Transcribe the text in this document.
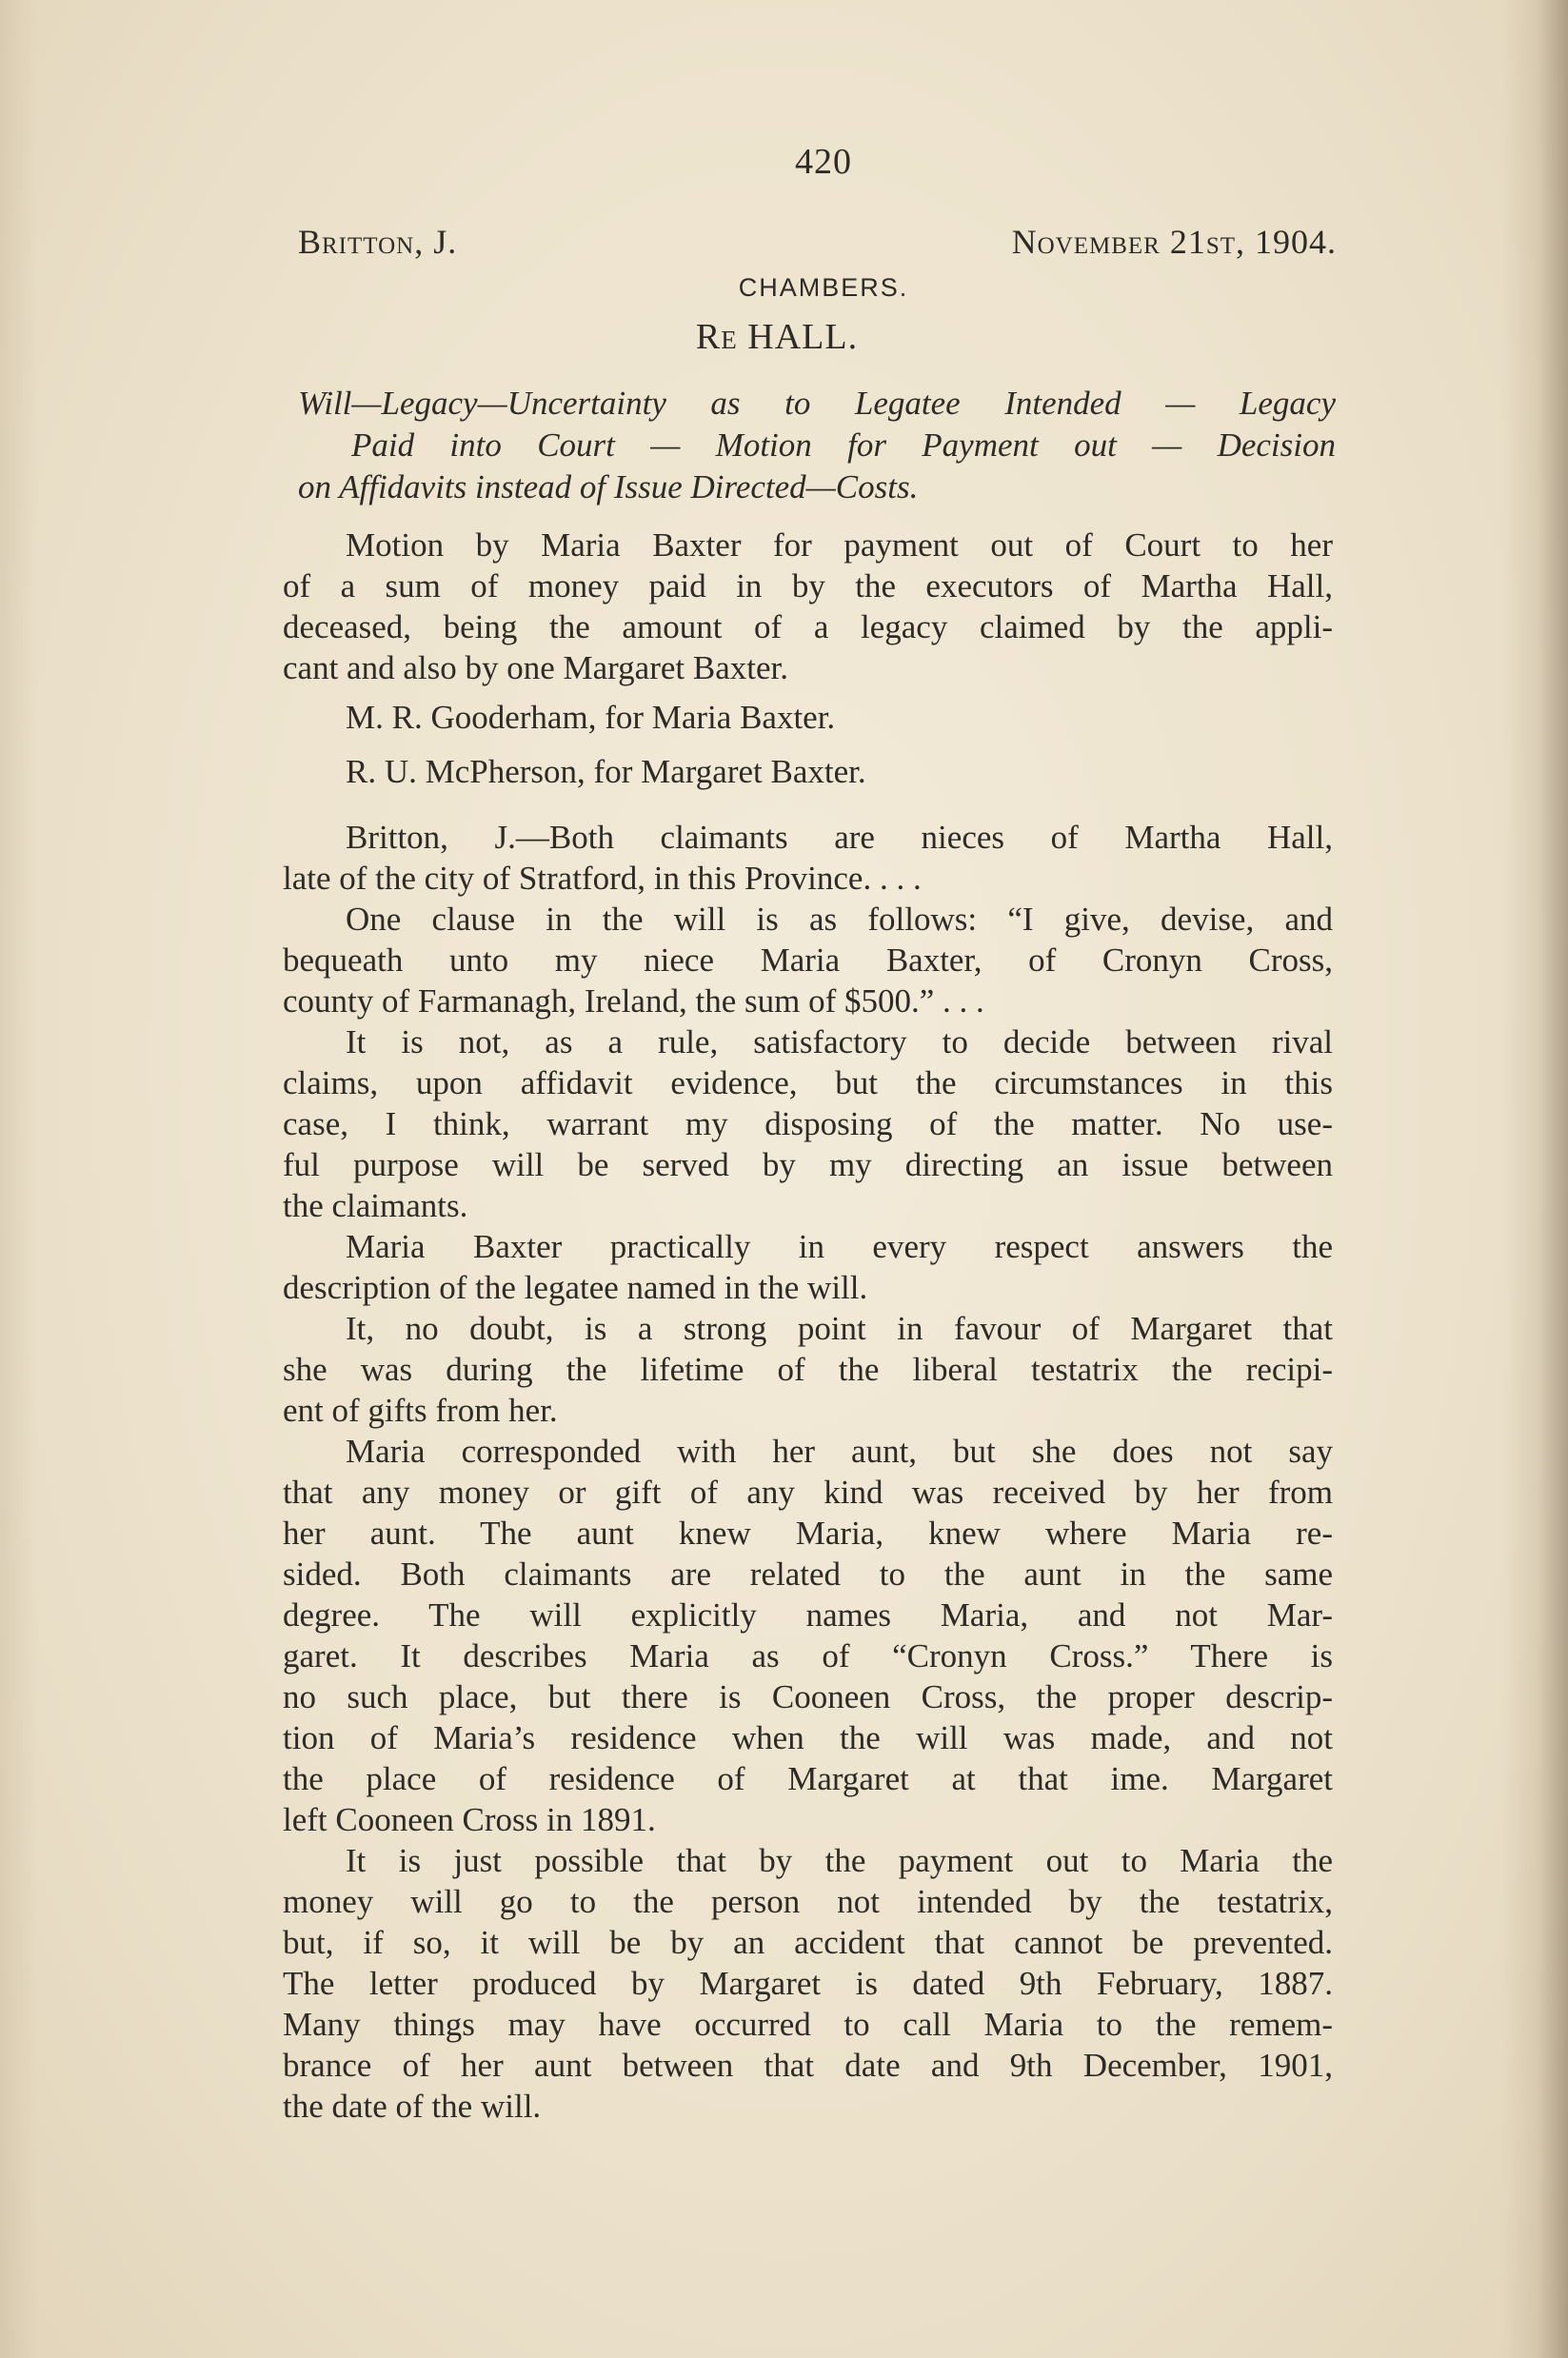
420
Britton, J.	November 21st, 1904.
CHAMBERS.
Re HALL.
Will—Legacy—Uncertainty as to Legatee Intended — Legacy
Paid into Court — Motion for Payment out — Decision
on Affidavits instead of Issue Directed—Costs.
Motion by Maria Baxter for payment out of Court to her
of a sum of money paid in by the executors of Martha Hall,
deceased, being the amount of a legacy claimed by the appli-
cant and also by one Margaret Baxter.
M. R. Gooderham, for Maria Baxter.
R. U. McPherson, for Margaret Baxter.
Britton, J.—Both claimants are nieces of Martha Hall,
late of the city of Stratford, in this Province. . . .
One clause in the will is as follows: “I give, devise, and
bequeath unto my niece Maria Baxter, of Cronyn Cross,
county of Farmanagh, Ireland, the sum of $500.” . . .
It is not, as a rule, satisfactory to decide between rival
claims, upon affidavit evidence, but the circumstances in this
case, I think, warrant my disposing of the matter. No use-
ful purpose will be served by my directing an issue between
the claimants.
Maria Baxter practically in every respect answers the
description of the legatee named in the will.
It, no doubt, is a strong point in favour of Margaret that
she was during the lifetime of the liberal testatrix the recipi-
ent of gifts from her.
Maria corresponded with her aunt, but she does not say
that any money or gift of any kind was received by her from
her aunt. The aunt knew Maria, knew where Maria re-
sided. Both claimants are related to the aunt in the same
degree. The will explicitly names Maria, and not Mar-
garet. It describes Maria as of “Cronyn Cross.” There is
no such place, but there is Cooneen Cross, the proper descrip-
tion of Maria’s residence when the will was made, and not
the place of residence of Margaret at that ime. Margaret
left Cooneen Cross in 1891.
It is just possible that by the payment out to Maria the
money will go to the person not intended by the testatrix,
but, if so, it will be by an accident that cannot be prevented.
The letter produced by Margaret is dated 9th February, 1887.
Many things may have occurred to call Maria to the remem-
brance of her aunt between that date and 9th December, 1901,
the date of the will.
